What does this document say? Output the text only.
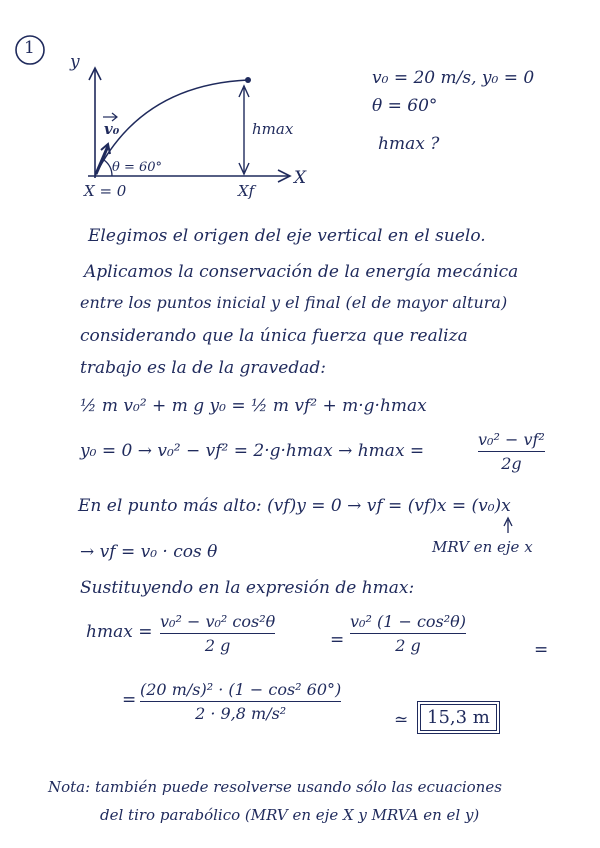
1
y
X
v₀
θ = 60°
hmax
X = 0	Xf
v₀ = 20 m/s, y₀ = 0
θ = 60°
hmax ?
Elegimos el origen del eje vertical en el suelo.
Aplicamos la conservación de la energía mecánica
entre los puntos inicial y el final (el de mayor altura)
considerando que la única fuerza que realiza
trabajo es la de la gravedad:
½ m v₀² + m g y₀ = ½ m vf² + m·g·hmax
y₀ = 0 → v₀² − vf² = 2·g·hmax → hmax =
v₀² − vf²
2g
En el punto más alto: (vf)y = 0 → vf = (vf)x = (v₀)x
MRV en eje x
→ vf = v₀ · cos θ
Sustituyendo en la expresión de hmax:
hmax =
v₀² − v₀² cos²θ
2 g	=
v₀² (1 − cos²θ)
2 g	=
=
(20 m/s)² · (1 − cos² 60°)
2 · 9,8 m/s²	≃	15,3 m
Nota: también puede resolverse usando sólo las ecuaciones
del tiro parabólico (MRV en eje X y MRVA en el y)
